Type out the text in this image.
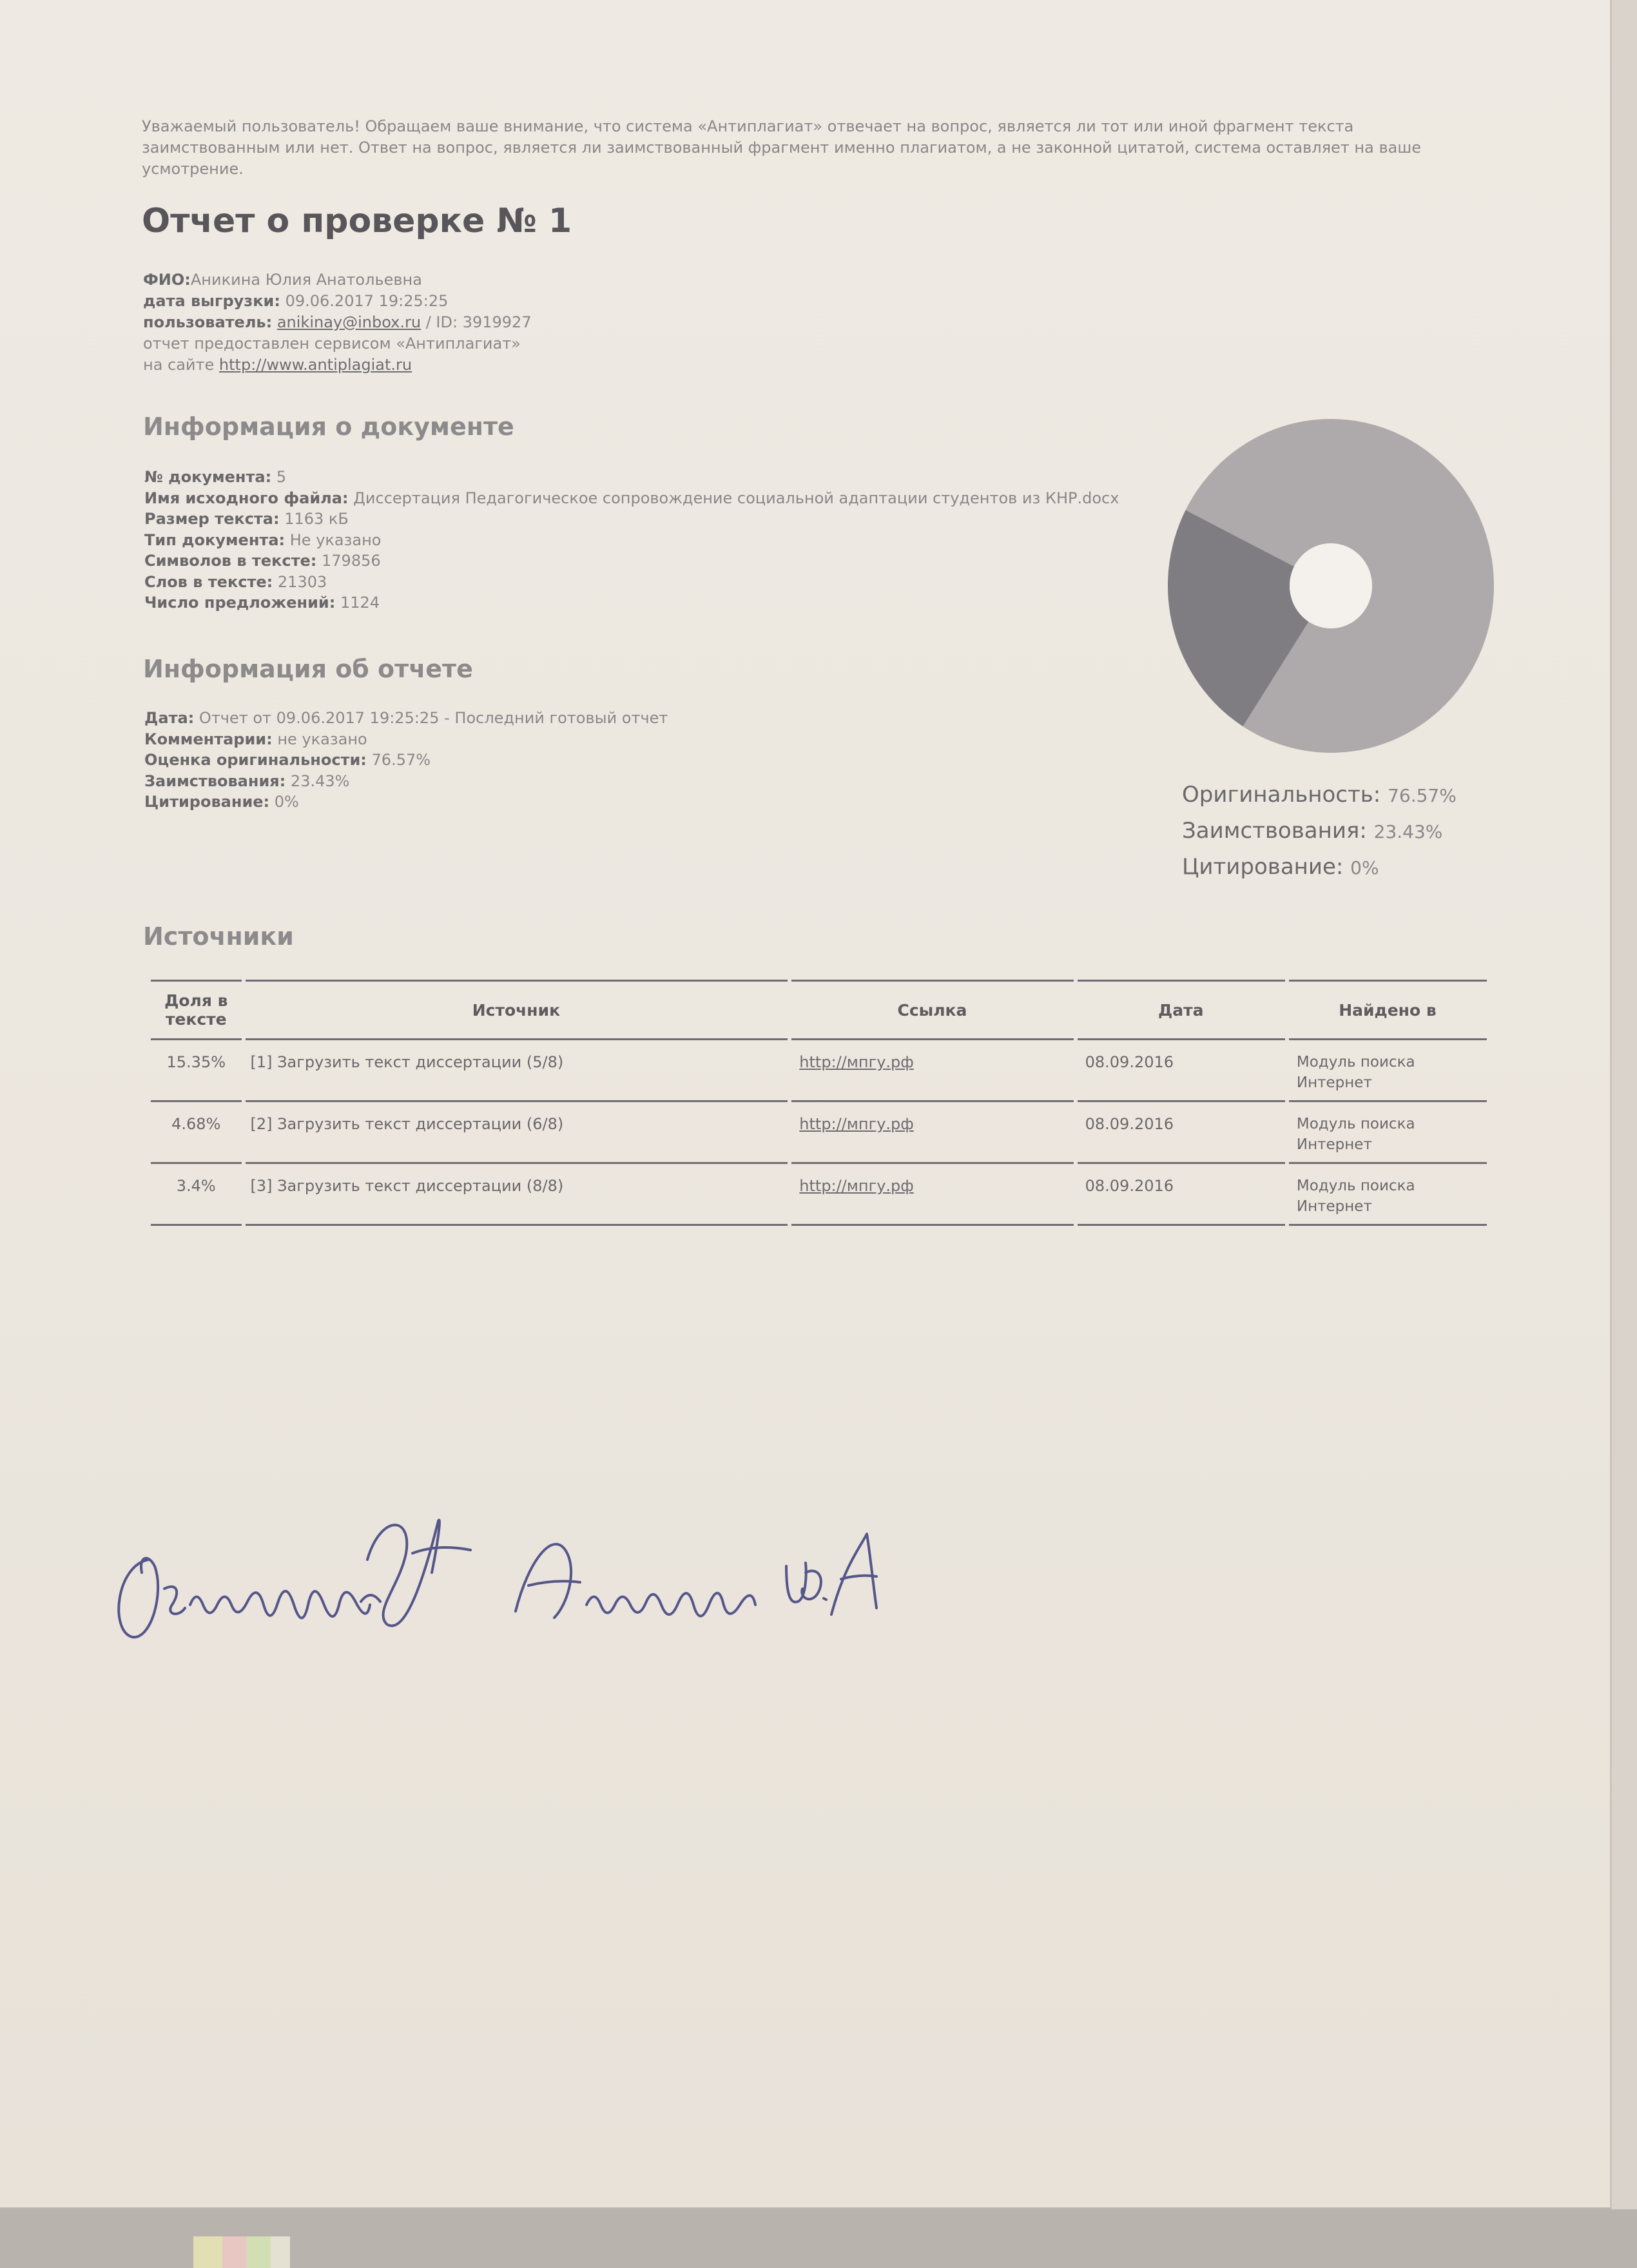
Уважаемый пользователь! Обращаем ваше внимание, что система «Антиплагиат» отвечает на вопрос, является ли тот или иной фрагмент текста заимствованным или нет. Ответ на вопрос, является ли заимствованный фрагмент именно плагиатом, а не законной цитатой, система оставляет на ваше усмотрение.
Отчет о проверке № 1
ФИО:Аникина Юлия Анатольевна
дата выгрузки: 09.06.2017 19:25:25
пользователь: anikinay@inbox.ru / ID: 3919927
отчет предоставлен сервисом «Антиплагиат»
на сайте http://www.antiplagiat.ru
Информация о документе
№ документа: 5
Имя исходного файла: Диссертация Педагогическое сопровождение социальной адаптации студентов из КНР.docx
Размер текста: 1163 кБ
Тип документа: Не указано
Символов в тексте: 179856
Слов в тексте: 21303
Число предложений: 1124
Информация об отчете
Дата: Отчет от 09.06.2017 19:25:25 - Последний готовый отчет
Комментарии: не указано
Оценка оригинальности: 76.57%
Заимствования: 23.43%
Цитирование: 0%	Оригинальность: 76.57%
Заимствования: 23.43%
Цитирование: 0%
Источники
Доля в тексте	Источник	Ссылка	Дата	Найдено в
15.35%	[1] Загрузить текст диссертации (5/8)	http://мпгу.рф	08.09.2016	Модуль поиска Интернет
4.68%	[2] Загрузить текст диссертации (6/8)	http://мпгу.рф	08.09.2016	Модуль поиска Интернет
3.4%	[3] Загрузить текст диссертации (8/8)	http://мпгу.рф	08.09.2016	Модуль поиска Интернет
